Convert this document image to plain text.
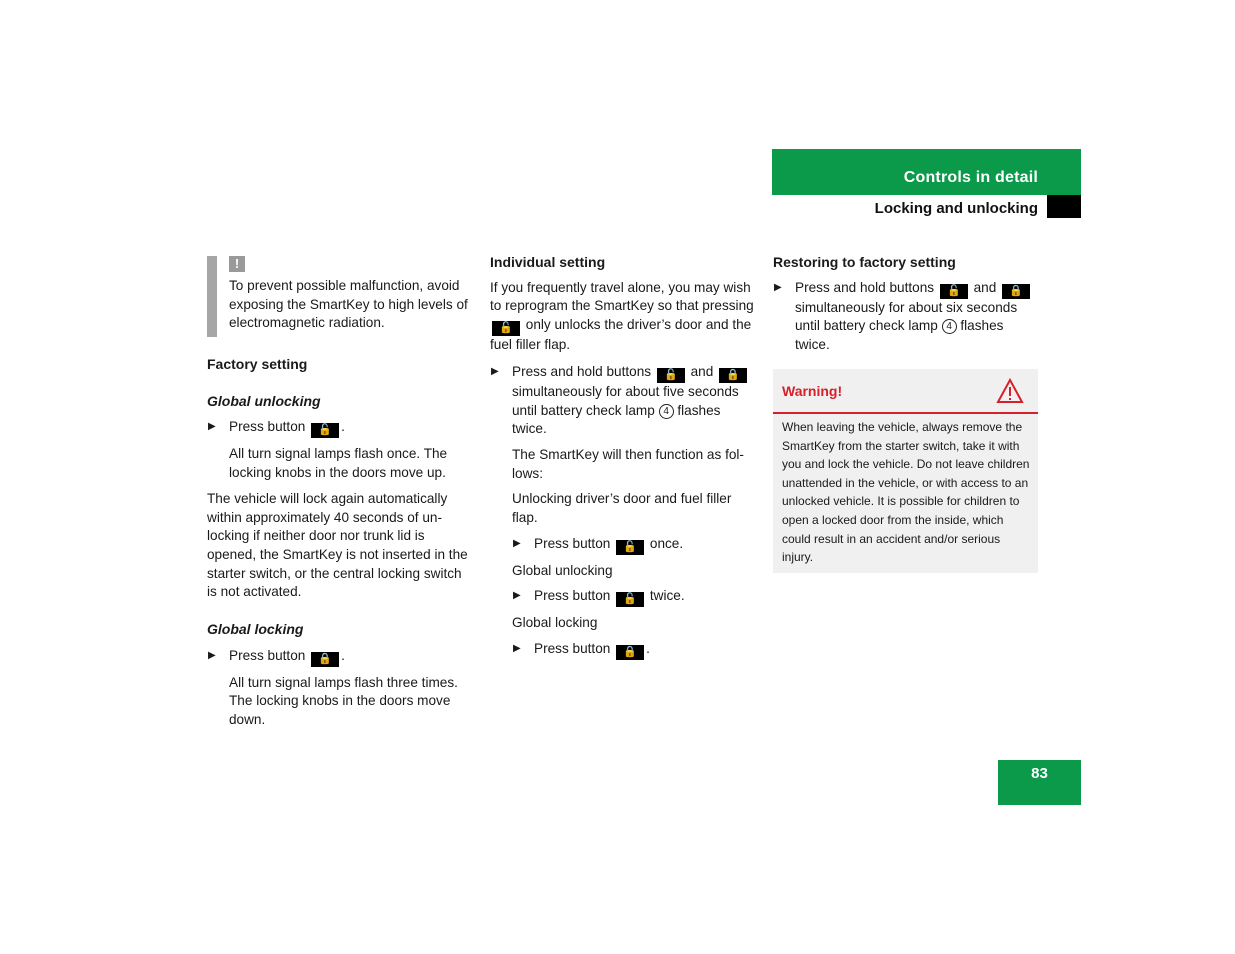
Controls in detail
Locking and unlocking
!
To prevent possible malfunction, avoid exposing the SmartKey to high levels of electromagnetic radiation.

Factory setting

Global unlocking

▶ Press button 🔓 .

All turn signal lamps flash once. The locking knobs in the doors move up.

The vehicle will lock again automatically within approximately 40 seconds of un-locking if neither door nor trunk lid is opened, the SmartKey is not inserted in the starter switch, or the central locking switch is not activated.

Global locking

▶ Press button 🔒 .

All turn signal lamps flash three times. The locking knobs in the doors move down.

Individual setting

If you frequently travel alone, you may wish to reprogram the SmartKey so that pressing 🔓 only unlocks the driver’s door and the fuel filler flap.

▶ Press and hold buttons 🔓 and 🔒 simultaneously for about five seconds until battery check lamp 4 flashes twice.

The SmartKey will then function as fol-lows:

Unlocking driver’s door and fuel filler flap.

▶ Press button 🔓 once.

Global unlocking

▶ Press button 🔓 twice.

Global locking

▶ Press button 🔒 .

Restoring to factory setting

▶ Press and hold buttons 🔓 and 🔒 simultaneously for about six seconds until battery check lamp 4 flashes twice.

Warning!
When leaving the vehicle, always remove the SmartKey from the starter switch, take it with you and lock the vehicle. Do not leave children unattended in the vehicle, or with access to an unlocked vehicle. It is possible for children to open a locked door from the inside, which could result in an accident and/or serious injury.
83
